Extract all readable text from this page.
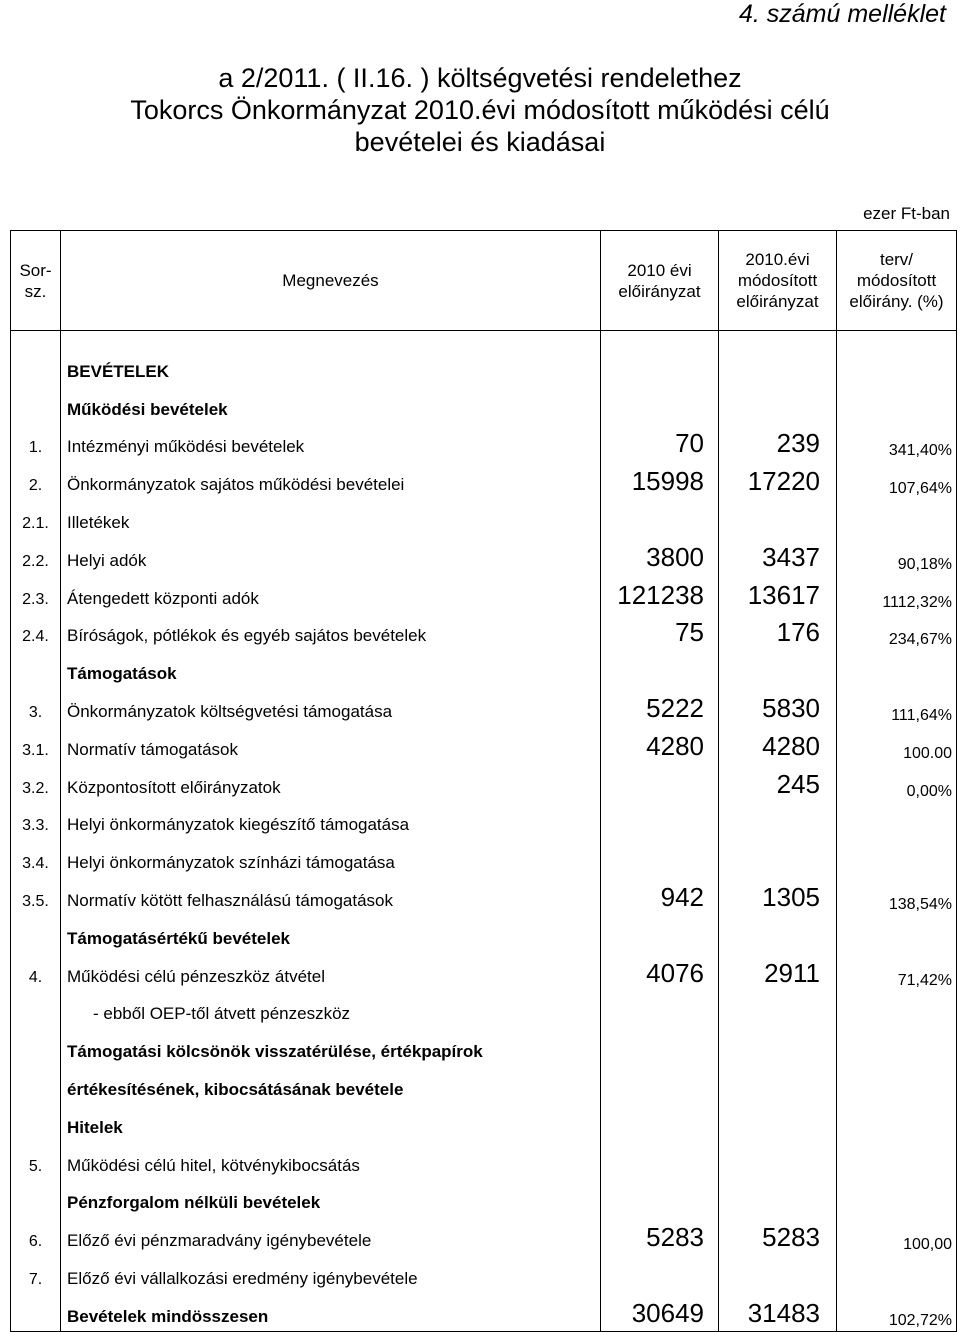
4. számú melléklet
a 2/2011. ( II.16. ) költségvetési rendelethez
Tokorcs Önkormányzat 2010.évi módosított működési célú
bevételei és kiadásai
ezer Ft-ban
Sor-sz.	Megnevezés	2010 évi előirányzat	2010.évi módosított előirányzat	terv/ módosított előirány. (%)

	BEVÉTELEK			
	Működési bevételek			
1.	Intézményi működési bevételek	70	239	341,40%
2.	Önkormányzatok sajátos működési bevételei	15998	17220	107,64%
2.1.	Illetékek			
2.2.	Helyi adók	3800	3437	90,18%
2.3.	Átengedett központi adók	121238	13617	1112,32%
2.4.	Bíróságok, pótlékok és egyéb sajátos bevételek	75	176	234,67%
	Támogatások			
3.	Önkormányzatok költségvetési támogatása	5222	5830	111,64%
3.1.	Normatív támogatások	4280	4280	100.00
3.2.	Központosított előirányzatok		245	0,00%
3.3.	Helyi önkormányzatok kiegészítő támogatása			
3.4.	Helyi önkormányzatok színházi támogatása			
3.5.	Normatív kötött felhasználású támogatások	942	1305	138,54%
	Támogatásértékű bevételek			
4.	Működési célú pénzeszköz átvétel	4076	2911	71,42%
	- ebből OEP-től átvett pénzeszköz			
	Támogatási kölcsönök visszatérülése, értékpapírok			
	értékesítésének, kibocsátásának bevétele			
	Hitelek			
5.	Működési célú hitel, kötvénykibocsátás			
	Pénzforgalom nélküli bevételek			
6.	Előző évi pénzmaradvány igénybevétele	5283	5283	100,00
7.	Előző évi vállalkozási eredmény igénybevétele			
	Bevételek mindösszesen	30649	31483	102,72%
